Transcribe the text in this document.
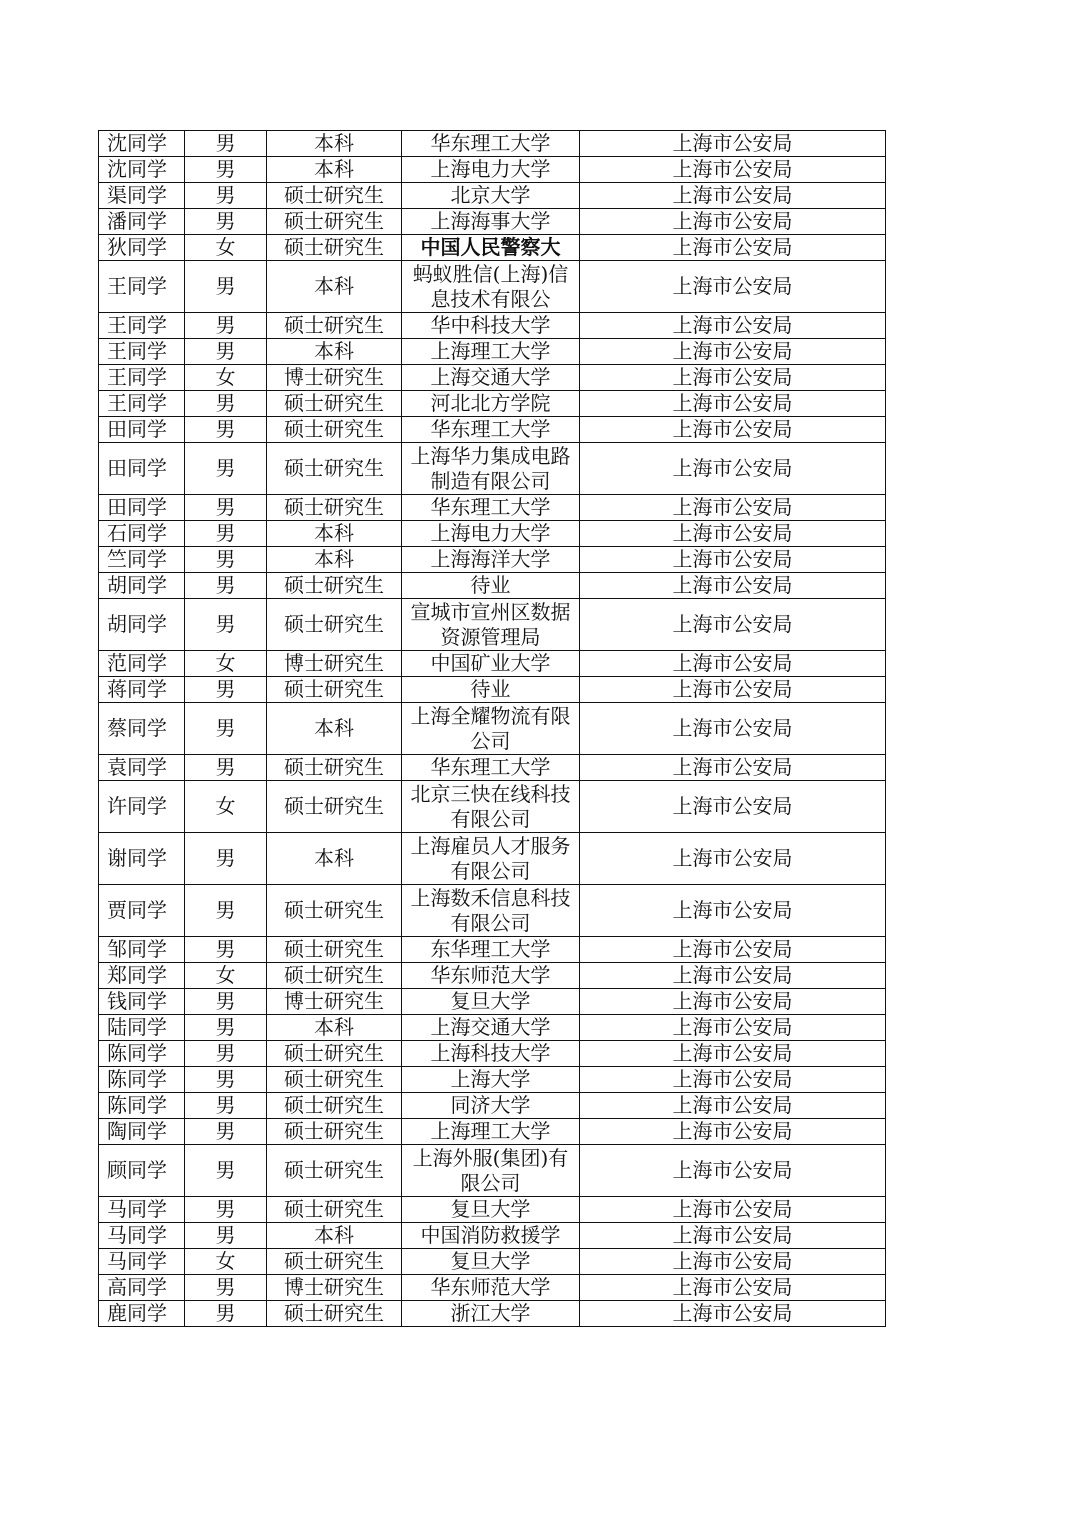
沈同学	男	本科	华东理工大学	上海市公安局
沈同学	男	本科	上海电力大学	上海市公安局
渠同学	男	硕士研究生	北京大学	上海市公安局
潘同学	男	硕士研究生	上海海事大学	上海市公安局
狄同学	女	硕士研究生	中国人民警察大	上海市公安局
王同学	男	本科	蚂蚁胜信(上海)信息技术有限公	上海市公安局
王同学	男	硕士研究生	华中科技大学	上海市公安局
王同学	男	本科	上海理工大学	上海市公安局
王同学	女	博士研究生	上海交通大学	上海市公安局
王同学	男	硕士研究生	河北北方学院	上海市公安局
田同学	男	硕士研究生	华东理工大学	上海市公安局
田同学	男	硕士研究生	上海华力集成电路制造有限公司	上海市公安局
田同学	男	硕士研究生	华东理工大学	上海市公安局
石同学	男	本科	上海电力大学	上海市公安局
竺同学	男	本科	上海海洋大学	上海市公安局
胡同学	男	硕士研究生	待业	上海市公安局
胡同学	男	硕士研究生	宣城市宣州区数据资源管理局	上海市公安局
范同学	女	博士研究生	中国矿业大学	上海市公安局
蒋同学	男	硕士研究生	待业	上海市公安局
蔡同学	男	本科	上海全耀物流有限公司	上海市公安局
袁同学	男	硕士研究生	华东理工大学	上海市公安局
许同学	女	硕士研究生	北京三快在线科技有限公司	上海市公安局
谢同学	男	本科	上海雇员人才服务有限公司	上海市公安局
贾同学	男	硕士研究生	上海数禾信息科技有限公司	上海市公安局
邹同学	男	硕士研究生	东华理工大学	上海市公安局
郑同学	女	硕士研究生	华东师范大学	上海市公安局
钱同学	男	博士研究生	复旦大学	上海市公安局
陆同学	男	本科	上海交通大学	上海市公安局
陈同学	男	硕士研究生	上海科技大学	上海市公安局
陈同学	男	硕士研究生	上海大学	上海市公安局
陈同学	男	硕士研究生	同济大学	上海市公安局
陶同学	男	硕士研究生	上海理工大学	上海市公安局
顾同学	男	硕士研究生	上海外服(集团)有限公司	上海市公安局
马同学	男	硕士研究生	复旦大学	上海市公安局
马同学	男	本科	中国消防救援学	上海市公安局
马同学	女	硕士研究生	复旦大学	上海市公安局
高同学	男	博士研究生	华东师范大学	上海市公安局
鹿同学	男	硕士研究生	浙江大学	上海市公安局
